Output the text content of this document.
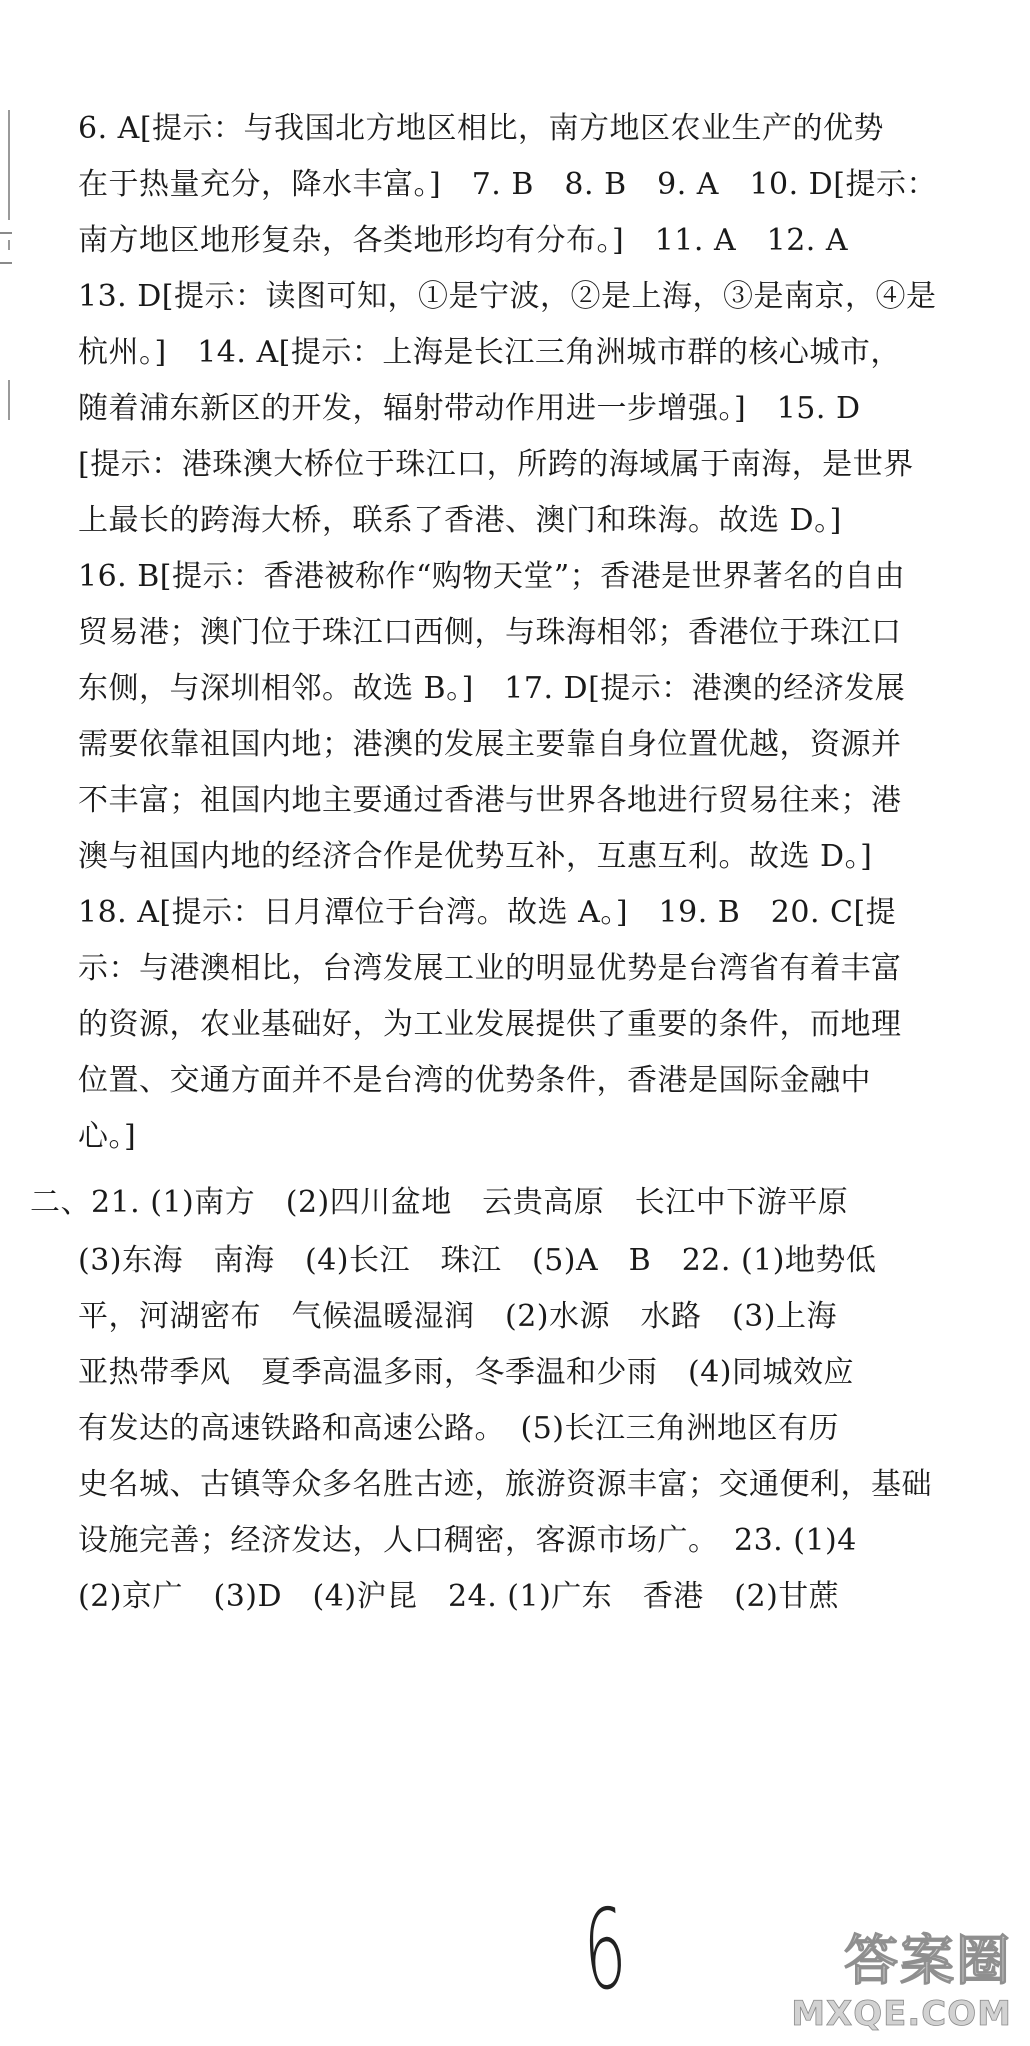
6. A[提示：与我国北方地区相比，南方地区农业生产的优势
在于热量充分，降水丰富。]　7. B　8. B　9. A　10. D[提示：
南方地区地形复杂，各类地形均有分布。]　11. A　12. A
13. D[提示：读图可知，①是宁波，②是上海，③是南京，④是
杭州。]　14. A[提示：上海是长江三角洲城市群的核心城市，
随着浦东新区的开发，辐射带动作用进一步增强。]　15. D
[提示：港珠澳大桥位于珠江口，所跨的海域属于南海，是世界
上最长的跨海大桥，联系了香港、澳门和珠海。故选 D。]
16. B[提示：香港被称作“购物天堂”；香港是世界著名的自由
贸易港；澳门位于珠江口西侧，与珠海相邻；香港位于珠江口
东侧，与深圳相邻。故选 B。]　17. D[提示：港澳的经济发展
需要依靠祖国内地；港澳的发展主要靠自身位置优越，资源并
不丰富；祖国内地主要通过香港与世界各地进行贸易往来；港
澳与祖国内地的经济合作是优势互补，互惠互利。故选 D。]
18. A[提示：日月潭位于台湾。故选 A。]　19. B　20. C[提
示：与港澳相比，台湾发展工业的明显优势是台湾省有着丰富
的资源，农业基础好，为工业发展提供了重要的条件，而地理
位置、交通方面并不是台湾的优势条件，香港是国际金融中
心。]
二、21. (1)南方　(2)四川盆地　云贵高原　长江中下游平原
(3)东海　南海　(4)长江　珠江　(5)A　B　22. (1)地势低
平，河湖密布　气候温暖湿润　(2)水源　水路　(3)上海
亚热带季风　夏季高温多雨，冬季温和少雨　(4)同城效应
有发达的高速铁路和高速公路。　(5)长江三角洲地区有历
史名城、古镇等众多名胜古迹，旅游资源丰富；交通便利，基础
设施完善；经济发达，人口稠密，客源市场广。　23. (1)4
(2)京广　(3)D　(4)沪昆　24. (1)广东　香港　(2)甘蔗
6	答案圈
MXQE.COM
